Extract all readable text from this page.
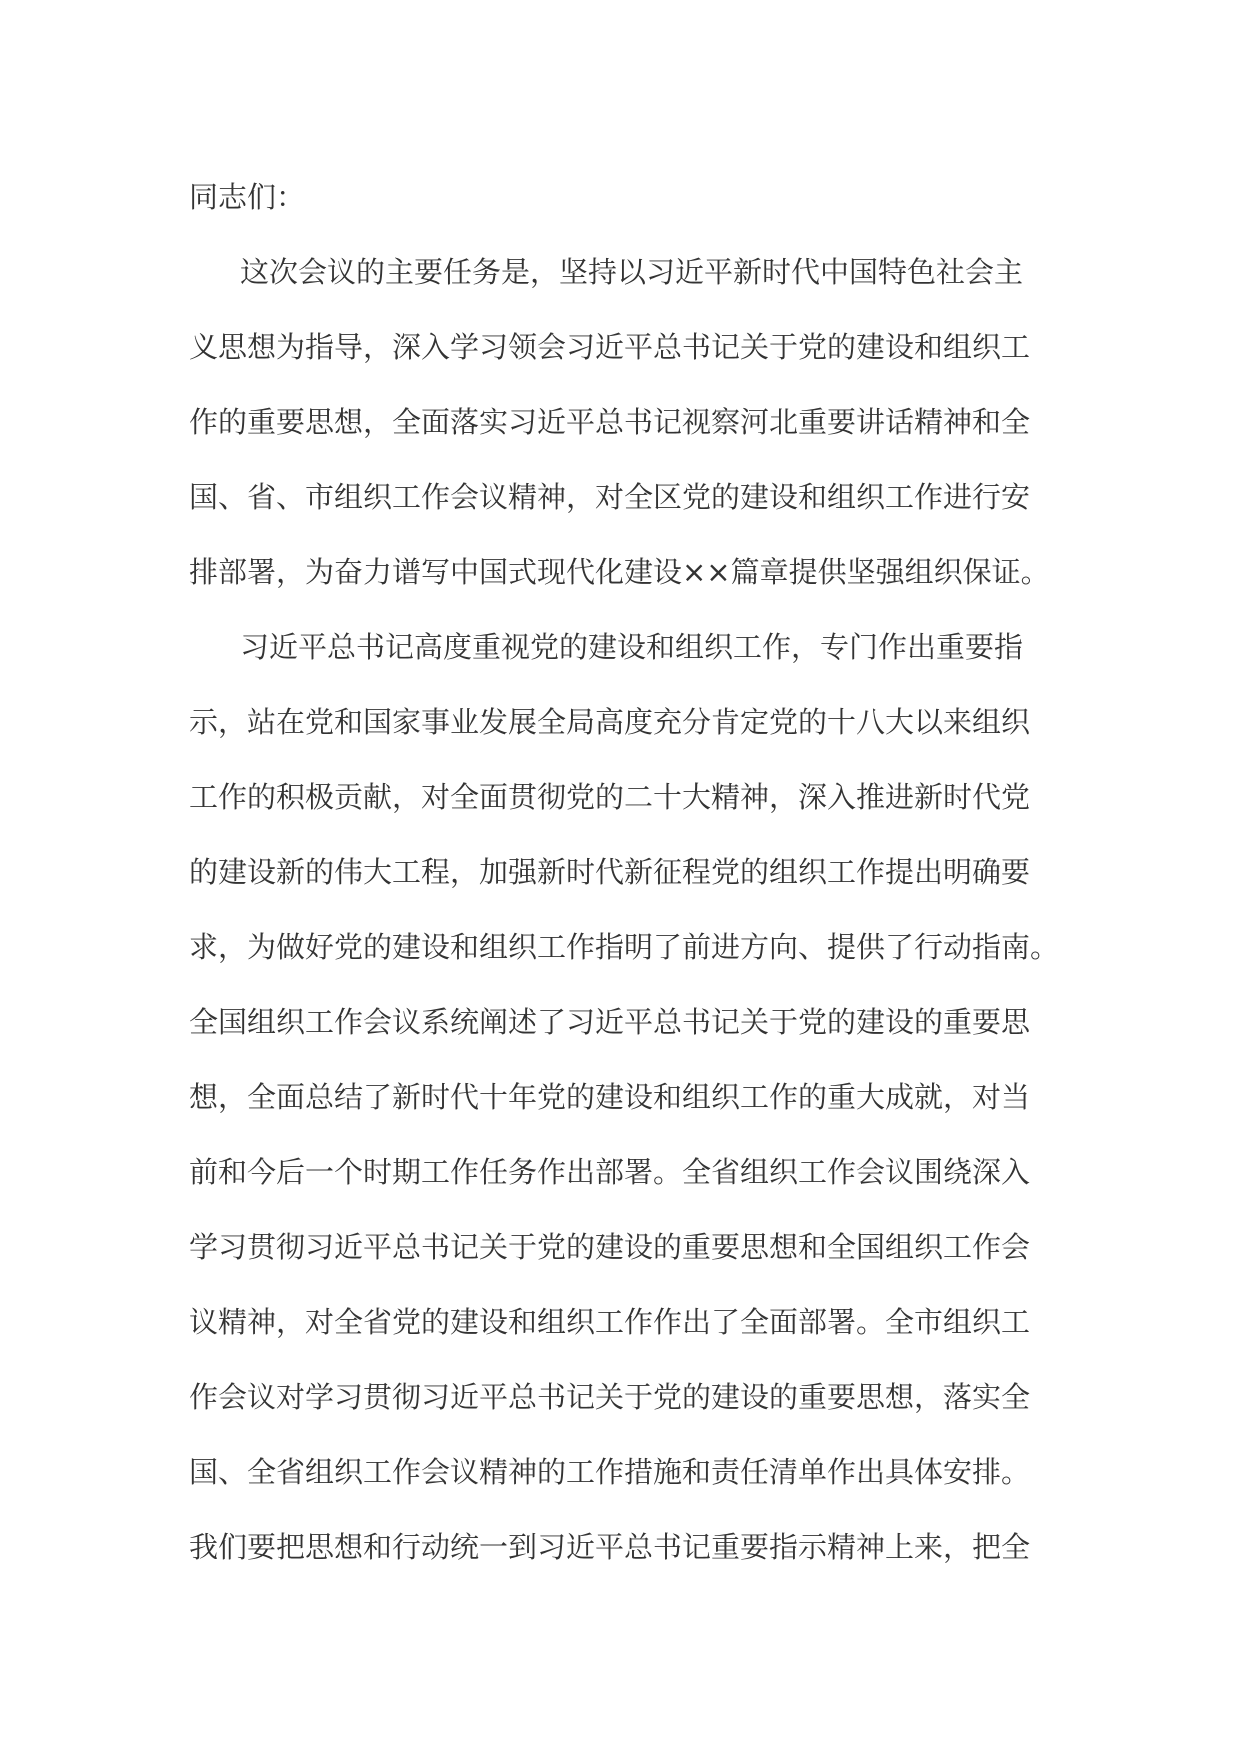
同志们：
这次会议的主要任务是，坚持以习近平新时代中国特色社会主
义思想为指导，深入学习领会习近平总书记关于党的建设和组织工
作的重要思想，全面落实习近平总书记视察河北重要讲话精神和全
国、省、市组织工作会议精神，对全区党的建设和组织工作进行安
排部署，为奋力谱写中国式现代化建设××篇章提供坚强组织保证。
习近平总书记高度重视党的建设和组织工作，专门作出重要指
示，站在党和国家事业发展全局高度充分肯定党的十八大以来组织
工作的积极贡献，对全面贯彻党的二十大精神，深入推进新时代党
的建设新的伟大工程，加强新时代新征程党的组织工作提出明确要
求，为做好党的建设和组织工作指明了前进方向、提供了行动指南。
全国组织工作会议系统阐述了习近平总书记关于党的建设的重要思
想，全面总结了新时代十年党的建设和组织工作的重大成就，对当
前和今后一个时期工作任务作出部署。全省组织工作会议围绕深入
学习贯彻习近平总书记关于党的建设的重要思想和全国组织工作会
议精神，对全省党的建设和组织工作作出了全面部署。全市组织工
作会议对学习贯彻习近平总书记关于党的建设的重要思想，落实全
国、全省组织工作会议精神的工作措施和责任清单作出具体安排。
我们要把思想和行动统一到习近平总书记重要指示精神上来，把全
